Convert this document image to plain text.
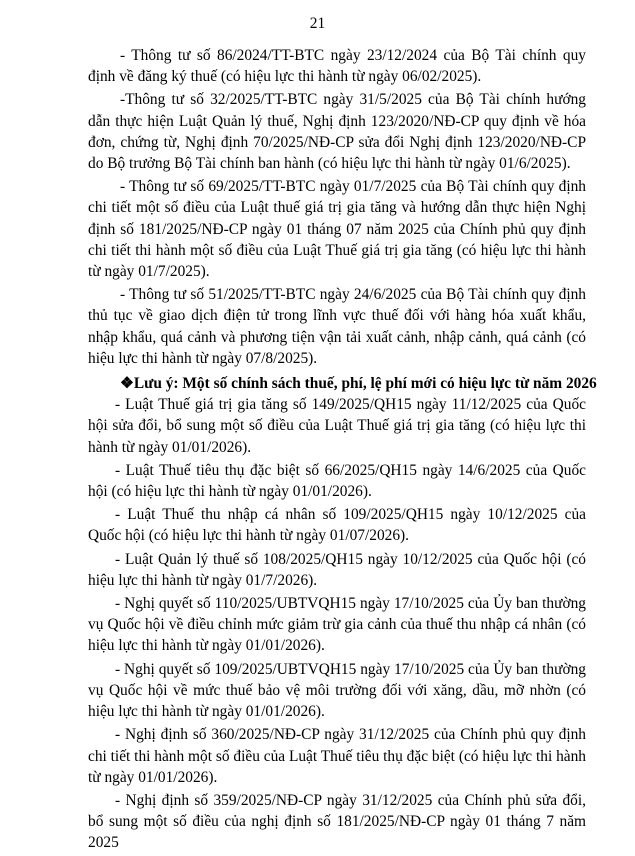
21

- Thông tư số 86/2024/TT-BTC ngày 23/12/2024 của Bộ Tài chính quy định về đăng ký thuế (có hiệu lực thi hành từ ngày 06/02/2025).

-Thông tư số 32/2025/TT-BTC ngày 31/5/2025 của Bộ Tài chính hướng dẫn thực hiện Luật Quản lý thuế, Nghị định 123/2020/NĐ-CP quy định về hóa đơn, chứng từ, Nghị định 70/2025/NĐ-CP sửa đổi Nghị định 123/2020/NĐ-CP do Bộ trưởng Bộ Tài chính ban hành (có hiệu lực thi hành từ ngày 01/6/2025).

- Thông tư số 69/2025/TT-BTC ngày 01/7/2025 của Bộ Tài chính quy định chi tiết một số điều của Luật thuế giá trị gia tăng và hướng dẫn thực hiện Nghị định số 181/2025/NĐ-CP ngày 01 tháng 07 năm 2025 của Chính phủ quy định chi tiết thi hành một số điều của Luật Thuế giá trị gia tăng (có hiệu lực thi hành từ ngày 01/7/2025).

- Thông tư số 51/2025/TT-BTC ngày 24/6/2025 của Bộ Tài chính quy định thủ tục về giao dịch điện tử trong lĩnh vực thuế đối với hàng hóa xuất khẩu, nhập khẩu, quá cảnh và phương tiện vận tải xuất cảnh, nhập cảnh, quá cảnh (có hiệu lực thi hành từ ngày 07/8/2025).

❖Lưu ý: Một số chính sách thuế, phí, lệ phí mới có hiệu lực từ năm 2026

- Luật Thuế giá trị gia tăng số 149/2025/QH15 ngày 11/12/2025 của Quốc hội sửa đổi, bổ sung một số điều của Luật Thuế giá trị gia tăng (có hiệu lực thi hành từ ngày 01/01/2026).

- Luật Thuế tiêu thụ đặc biệt số 66/2025/QH15 ngày 14/6/2025 của Quốc hội (có hiệu lực thi hành từ ngày 01/01/2026).

- Luật Thuế thu nhập cá nhân số 109/2025/QH15 ngày 10/12/2025 của Quốc hội (có hiệu lực thi hành từ ngày 01/07/2026).

- Luật Quản lý thuế số 108/2025/QH15 ngày 10/12/2025 của Quốc hội (có hiệu lực thi hành từ ngày 01/7/2026).

- Nghị quyết số 110/2025/UBTVQH15 ngày 17/10/2025 của Ủy ban thường vụ Quốc hội về điều chỉnh mức giảm trừ gia cảnh của thuế thu nhập cá nhân (có hiệu lực thi hành từ ngày 01/01/2026).

- Nghị quyết số 109/2025/UBTVQH15 ngày 17/10/2025 của Ủy ban thường vụ Quốc hội về mức thuế bảo vệ môi trường đối với xăng, dầu, mỡ nhờn (có hiệu lực thi hành từ ngày 01/01/2026).

- Nghị định số 360/2025/NĐ-CP ngày 31/12/2025 của Chính phủ quy định chi tiết thi hành một số điều của Luật Thuế tiêu thụ đặc biệt (có hiệu lực thi hành từ ngày 01/01/2026).

- Nghị định số 359/2025/NĐ-CP ngày 31/12/2025 của Chính phủ sửa đổi, bổ sung một số điều của nghị định số 181/2025/NĐ-CP ngày 01 tháng 7 năm 2025
